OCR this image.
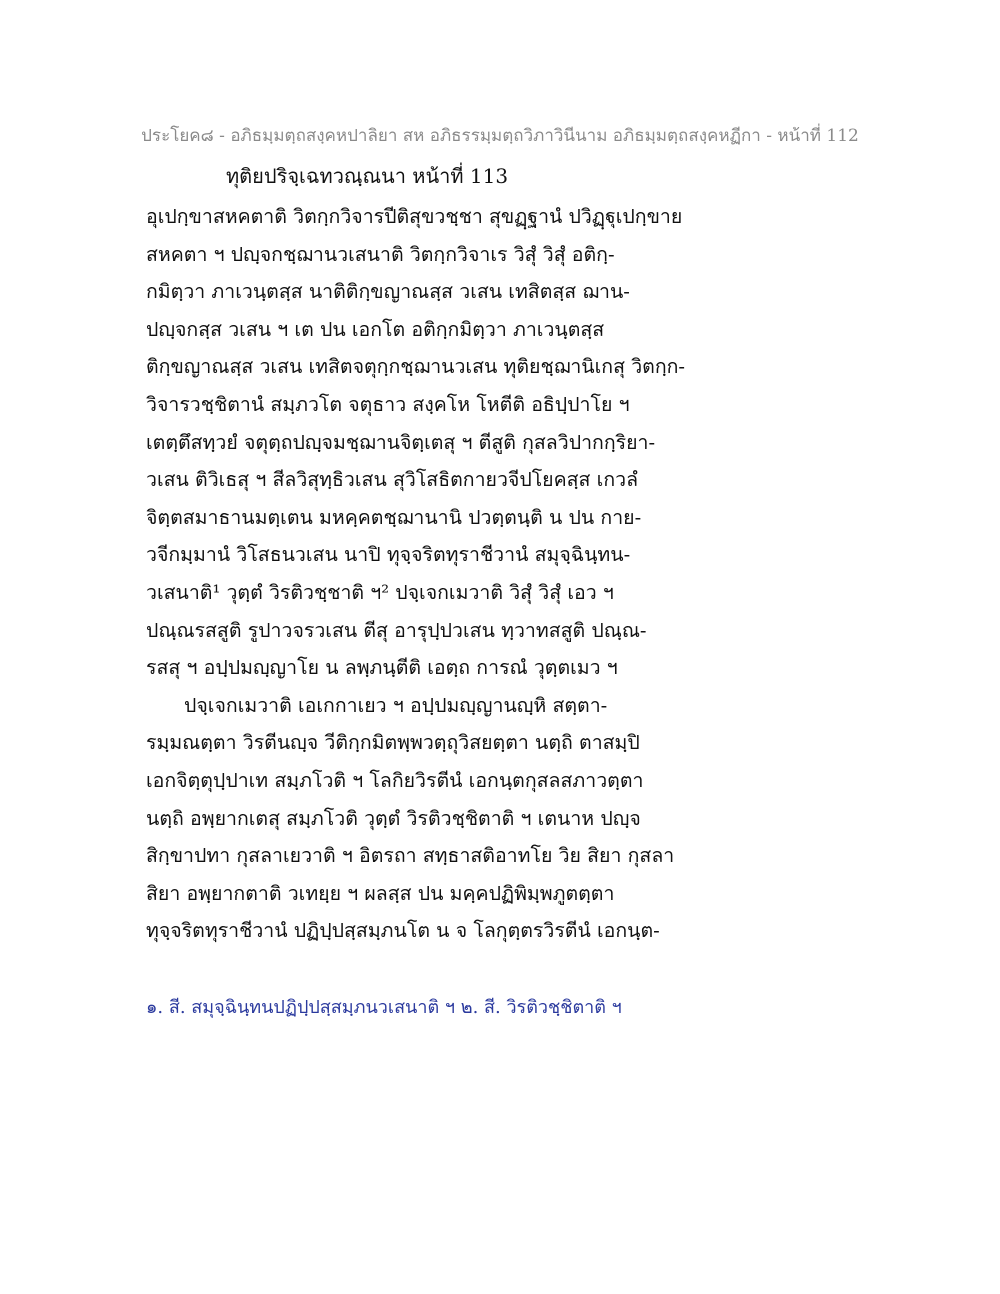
ประโยค๘ - อภิธมฺมตฺถสงฺคหปาลิยา สห อภิธรรมฺมตฺถวิภาวินีนาม อภิธมฺมตฺถสงฺคหฏีกา - หน้าที่ 112
ทุติยปริจฺเฉทวณฺณนา หน้าที่ 113
อุเปกฺขาสหคตาติ วิตกฺกวิจารปีติสุขวชฺชา สุขฏฺฐานํ ปวิฏฺฐุเปกฺขาย
สหคตา ฯ ปญฺจกชฺฌานวเสนาติ วิตกฺกวิจาเร วิสุํ วิสุํ อติกฺ-
กมิตฺวา ภาเวนฺตสฺส นาติติกฺขญาณสฺส วเสน เทสิตสฺส ฌาน-
ปญฺจกสฺส วเสน ฯ เต ปน เอกโต อติกฺกมิตฺวา ภาเวนฺตสฺส
ติกฺขญาณสฺส วเสน เทสิตจตุกฺกชฺฌานวเสน ทุติยชฺฌานิเกสุ วิตกฺก-
วิจารวชฺชิตานํ สมฺภวโต จตุธาว สงฺคโห โหตีติ อธิปฺปาโย ฯ
เตตฺตึสทฺวยํ จตุตฺถปญฺจมชฺฌานจิตฺเตสุ ฯ ตีสูติ กุสลวิปากกฺริยา-
วเสน ติวิเธสุ ฯ สีลวิสุทฺธิวเสน สุวิโสธิตกายวจีปโยคสฺส เกวลํ
จิตฺตสมาธานมตฺเตน มหคฺคตชฺฌานานิ ปวตฺตนฺติ น ปน กาย-
วจีกมฺมานํ วิโสธนวเสน นาปิ ทุจฺจริตทุราชีวานํ สมุจฺฉินฺทน-
วเสนาติ¹ วุตฺตํ วิรติวชฺชาติ ฯ² ปจฺเจกเมวาติ วิสุํ วิสุํ เอว ฯ
ปณฺณรสสูติ รูปาวจรวเสน ตีสุ อารุปฺปวเสน ทฺวาทสสูติ ปณฺณ-
รสสุ ฯ อปฺปมญฺญาโย น ลพฺภนฺตีติ เอตฺถ การณํ วุตฺตเมว ฯ
ปจฺเจกเมวาติ เอเกกาเยว ฯ อปฺปมญฺญานญฺหิ สตฺตา-
รมฺมณตฺตา วิรตีนญฺจ วีติกฺกมิตพฺพวตฺถุวิสยตฺตา นตฺถิ ตาสมฺปิ
เอกจิตฺตุปฺปาเท สมฺภโวติ ฯ โลกิยวิรตีนํ เอกนฺตกุสลสภาวตฺตา
นตฺถิ อพฺยากเตสุ สมฺภโวติ วุตฺตํ วิรติวชฺชิตาติ ฯ เตนาห ปญฺจ
สิกฺขาปทา กุสลาเยวาติ ฯ อิตรถา สทฺธาสติอาทโย วิย สิยา กุสลา
สิยา อพฺยากตาติ วเทยฺย ฯ ผลสฺส ปน มคฺคปฏิพิมฺพภูตตฺตา
ทุจฺจริตทุราชีวานํ ปฏิปฺปสฺสมฺภนโต น จ โลกุตฺตรวิรตีนํ เอกนฺต-
๑. สี. สมุจฺฉินฺทนปฏิปฺปสฺสมฺภนวเสนาติ ฯ ๒. สี. วิรติวชฺชิตาติ ฯ
